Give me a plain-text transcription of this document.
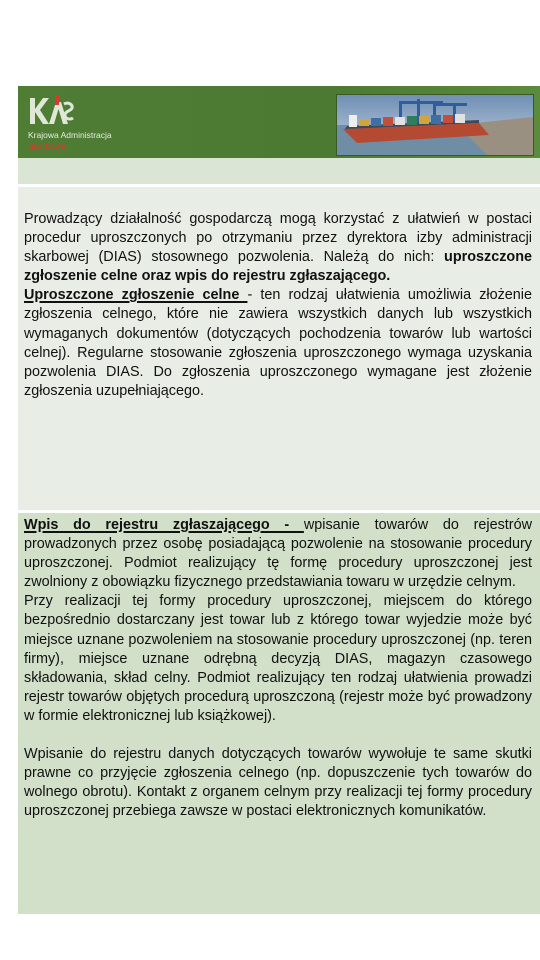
Krajowa Administracja
Skarbowa

Prowadzący działalność gospodarczą mogą korzystać z ułatwień w postaci procedur uproszczonych po otrzymaniu przez dyrektora izby administracji skarbowej (DIAS) stosownego pozwolenia. Należą do nich: uproszczone zgłoszenie celne oraz wpis do rejestru zgłaszającego.

Uproszczone zgłoszenie celne - ten rodzaj ułatwienia umożliwia złożenie zgłoszenia celnego, które nie zawiera wszystkich danych lub wszystkich wymaganych dokumentów (dotyczących pochodzenia towarów lub wartości celnej). Regularne stosowanie zgłoszenia uproszczonego wymaga uzyskania pozwolenia DIAS. Do zgłoszenia uproszczonego wymagane jest złożenie zgłoszenia uzupełniającego.

Wpis do rejestru zgłaszającego - wpisanie towarów do rejestrów prowadzonych przez osobę posiadającą pozwolenie na stosowanie procedury uproszczonej. Podmiot realizujący tę formę procedury uproszczonej jest zwolniony z obowiązku fizycznego przedstawiania towaru w urzędzie celnym.

Przy realizacji tej formy procedury uproszczonej, miejscem do którego bezpośrednio dostarczany jest towar lub z którego towar wyjedzie może być miejsce uznane pozwoleniem na stosowanie procedury uproszczonej (np. teren firmy), miejsce uznane odrębną decyzją DIAS, magazyn czasowego składowania, skład celny. Podmiot realizujący ten rodzaj ułatwienia prowadzi rejestr towarów objętych procedurą uproszczoną (rejestr może być prowadzony w formie elektronicznej lub książkowej).

Wpisanie do rejestru danych dotyczących towarów wywołuje te same skutki prawne co przyjęcie zgłoszenia celnego (np. dopuszczenie tych towarów do wolnego obrotu). Kontakt z organem celnym przy realizacji tej formy procedury uproszczonej przebiega zawsze w postaci elektronicznych komunikatów.
